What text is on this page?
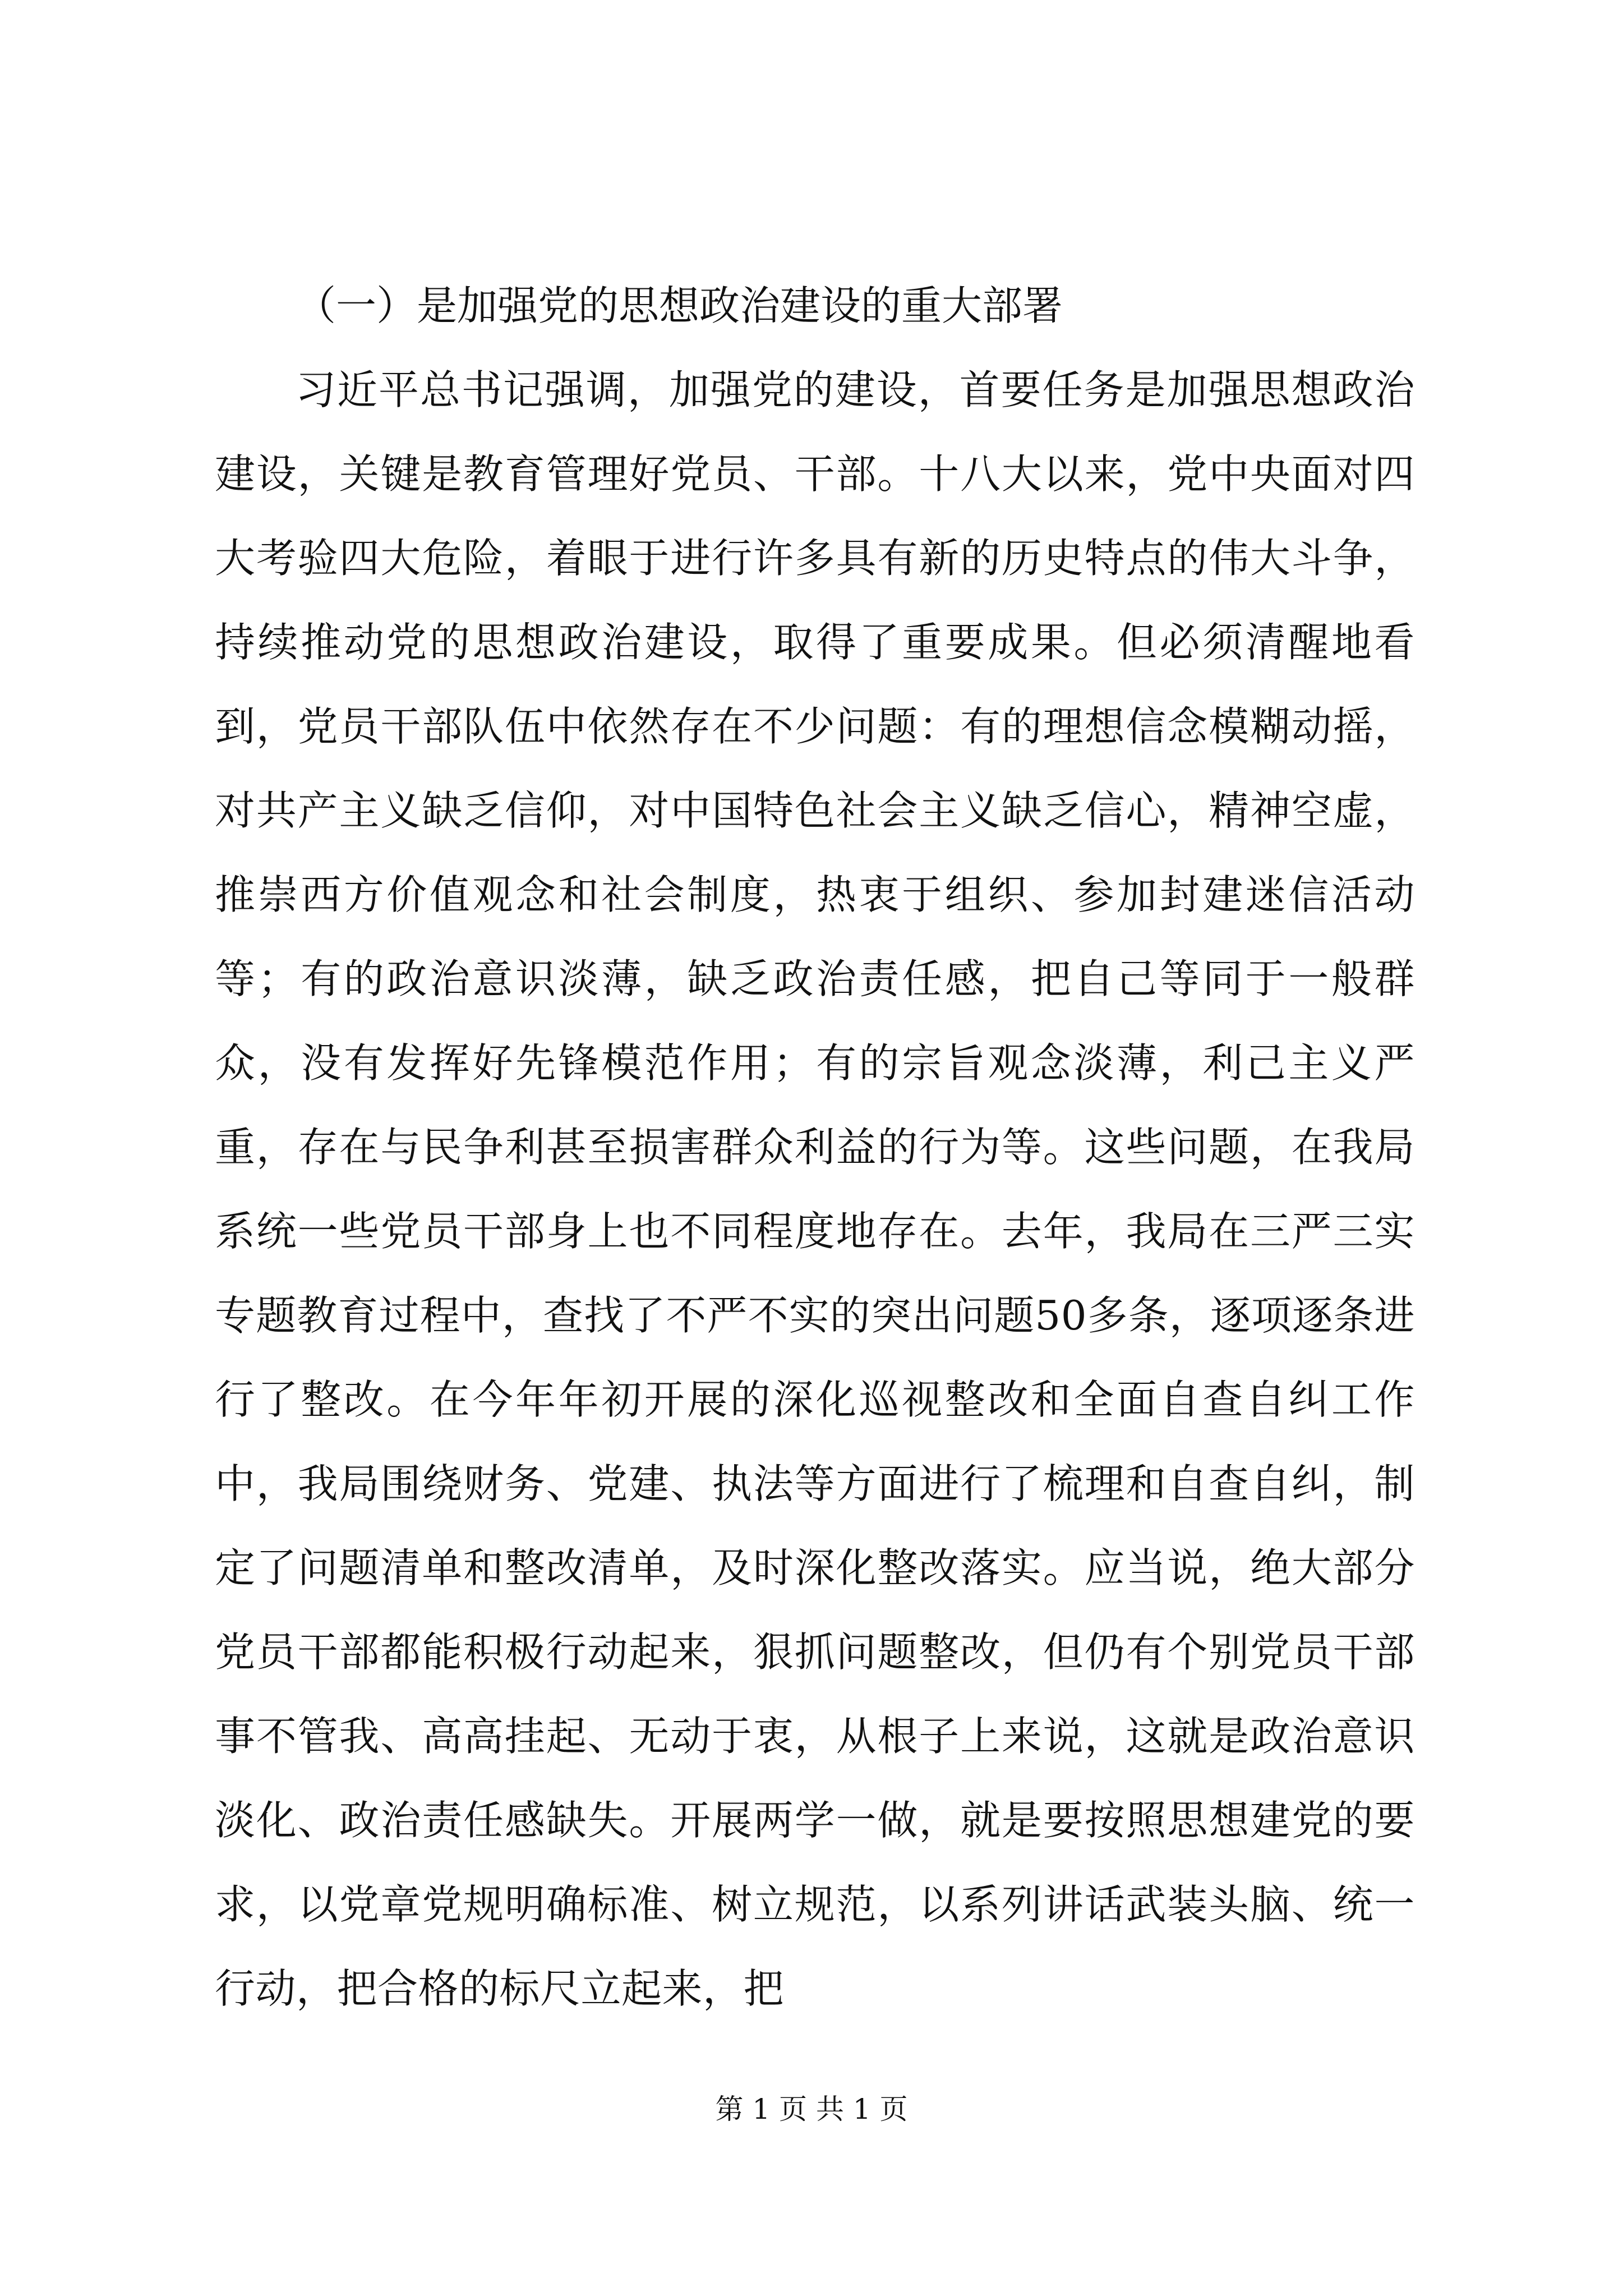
（一）是加强党的思想政治建设的重大部署

习近平总书记强调，加强党的建设，首要任务是加强思想政治建设，关键是教育管理好党员、干部。十八大以来，党中央面对四大考验四大危险，着眼于进行许多具有新的历史特点的伟大斗争，持续推动党的思想政治建设，取得了重要成果。但必须清醒地看到，党员干部队伍中依然存在不少问题：有的理想信念模糊动摇，对共产主义缺乏信仰，对中国特色社会主义缺乏信心，精神空虚，推崇西方价值观念和社会制度，热衷于组织、参加封建迷信活动等；有的政治意识淡薄，缺乏政治责任感，把自己等同于一般群众，没有发挥好先锋模范作用；有的宗旨观念淡薄，利己主义严重，存在与民争利甚至损害群众利益的行为等。这些问题，在我局系统一些党员干部身上也不同程度地存在。去年，我局在三严三实专题教育过程中，查找了不严不实的突出问题50多条，逐项逐条进行了整改。在今年年初开展的深化巡视整改和全面自查自纠工作中，我局围绕财务、党建、执法等方面进行了梳理和自查自纠，制定了问题清单和整改清单，及时深化整改落实。应当说，绝大部分党员干部都能积极行动起来，狠抓问题整改，但仍有个别党员干部事不管我、高高挂起、无动于衷，从根子上来说，这就是政治意识淡化、政治责任感缺失。开展两学一做，就是要按照思想建党的要求，以党章党规明确标准、树立规范，以系列讲话武装头脑、统一行动，把合格的标尺立起来，把

第 1 页 共 1 页
